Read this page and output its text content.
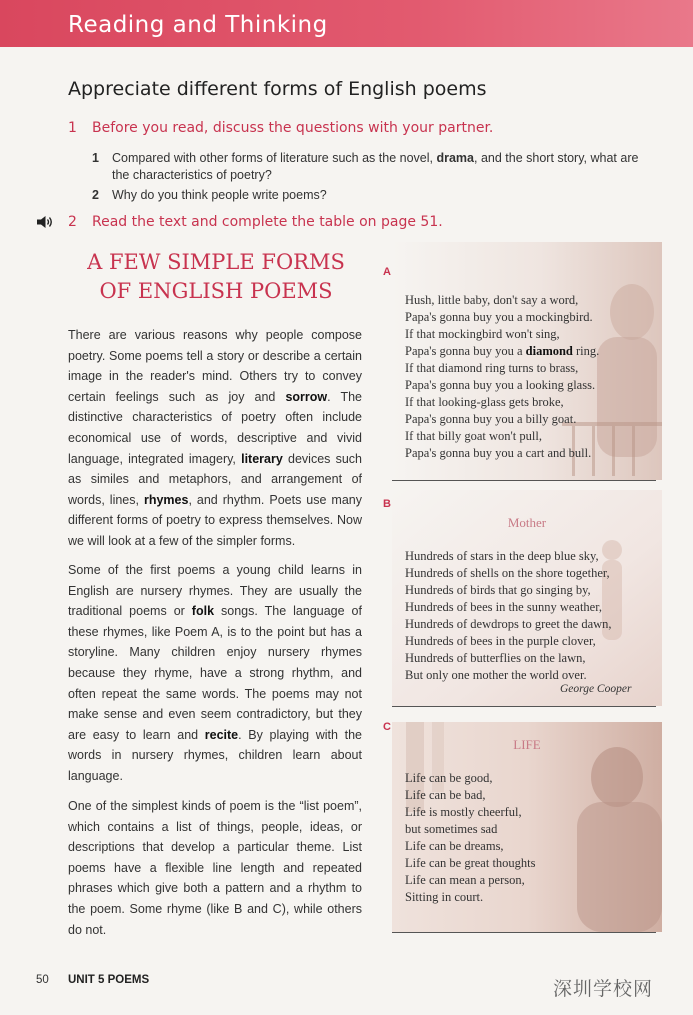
Reading and Thinking
Appreciate different forms of English poems
1 Before you read, discuss the questions with your partner.
1	Compared with other forms of literature such as the novel, drama, and the short story, what are the characteristics of poetry?
2	Why do you think people write poems?
2 Read the text and complete the table on page 51.
A FEW SIMPLE FORMS
OF ENGLISH POEMS
There are various reasons why people compose poetry. Some poems tell a story or describe a certain image in the reader's mind. Others try to convey certain feelings such as joy and sorrow. The distinctive characteristics of poetry often include economical use of words, descriptive and vivid language, integrated imagery, literary devices such as similes and metaphors, and arrangement of words, lines, rhymes, and rhythm. Poets use many different forms of poetry to express themselves. Now we will look at a few of the simpler forms.
Some of the first poems a young child learns in English are nursery rhymes. They are usually the traditional poems or folk songs. The language of these rhymes, like Poem A, is to the point but has a storyline. Many children enjoy nursery rhymes because they rhyme, have a strong rhythm, and often repeat the same words. The poems may not make sense and even seem contradictory, but they are easy to learn and recite. By playing with the words in nursery rhymes, children learn about language.
One of the simplest kinds of poem is the “list poem”, which contains a list of things, people, ideas, or descriptions that develop a particular theme. List poems have a flexible line length and repeated phrases which give both a pattern and a rhythm to the poem. Some rhyme (like B and C), while others do not.
A
Hush, little baby, don't say a word,
Papa's gonna buy you a mockingbird.
If that mockingbird won't sing,
Papa's gonna buy you a diamond ring.
If that diamond ring turns to brass,
Papa's gonna buy you a looking glass.
If that looking-glass gets broke,
Papa's gonna buy you a billy goat.
If that billy goat won't pull,
Papa's gonna buy you a cart and bull.
B
Mother
Hundreds of stars in the deep blue sky,
Hundreds of shells on the shore together,
Hundreds of birds that go singing by,
Hundreds of bees in the sunny weather,
Hundreds of dewdrops to greet the dawn,
Hundreds of bees in the purple clover,
Hundreds of butterflies on the lawn,
But only one mother the world over.
George Cooper
C
LIFE
Life can be good,
Life can be bad,
Life is mostly cheerful,
but sometimes sad
Life can be dreams,
Life can be great thoughts
Life can mean a person,
Sitting in court.
50 UNIT 5 POEMS	深圳学校网
